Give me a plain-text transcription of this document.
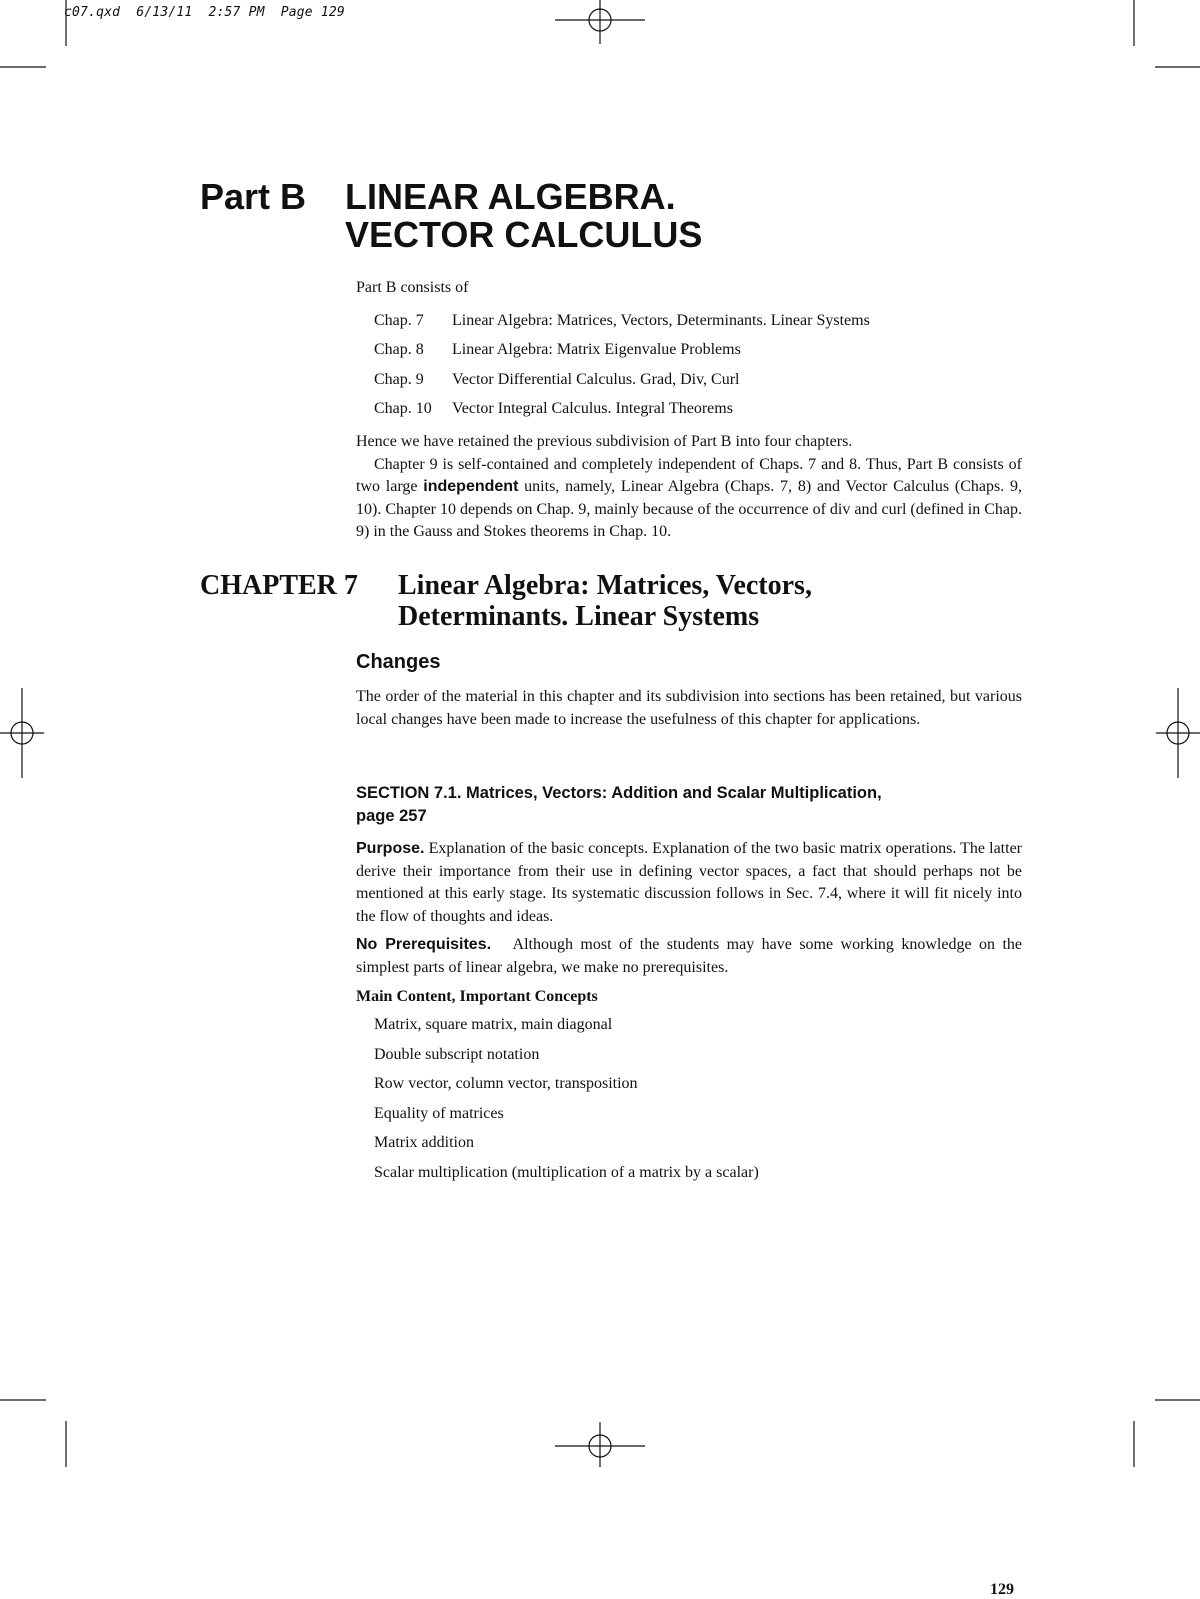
c07.qxd  6/13/11  2:57 PM  Page 129
Part B LINEAR ALGEBRA.
VECTOR CALCULUS
Part B consists of
Chap. 7 Linear Algebra: Matrices, Vectors, Determinants. Linear Systems
Chap. 8 Linear Algebra: Matrix Eigenvalue Problems
Chap. 9 Vector Differential Calculus. Grad, Div, Curl
Chap. 10 Vector Integral Calculus. Integral Theorems

Hence we have retained the previous subdivision of Part B into four chapters.

Chapter 9 is self-contained and completely independent of Chaps. 7 and 8. Thus, Part B consists of two large independent units, namely, Linear Algebra (Chaps. 7, 8) and Vector Calculus (Chaps. 9, 10). Chapter 10 depends on Chap. 9, mainly because of the occurrence of div and curl (defined in Chap. 9) in the Gauss and Stokes theorems in Chap. 10.

CHAPTER 7 Linear Algebra: Matrices, Vectors,
Determinants. Linear Systems
Changes

The order of the material in this chapter and its subdivision into sections has been retained, but various local changes have been made to increase the usefulness of this chapter for applications.

SECTION 7.1. Matrices, Vectors: Addition and Scalar Multiplication,
page 257

Purpose. Explanation of the basic concepts. Explanation of the two basic matrix operations. The latter derive their importance from their use in defining vector spaces, a fact that should perhaps not be mentioned at this early stage. Its systematic discussion follows in Sec. 7.4, where it will fit nicely into the flow of thoughts and ideas.

No Prerequisites.   Although most of the students may have some working knowledge on the simplest parts of linear algebra, we make no prerequisites.

Main Content, Important Concepts
Matrix, square matrix, main diagonal
Double subscript notation
Row vector, column vector, transposition
Equality of matrices
Matrix addition
Scalar multiplication (multiplication of a matrix by a scalar)
129
